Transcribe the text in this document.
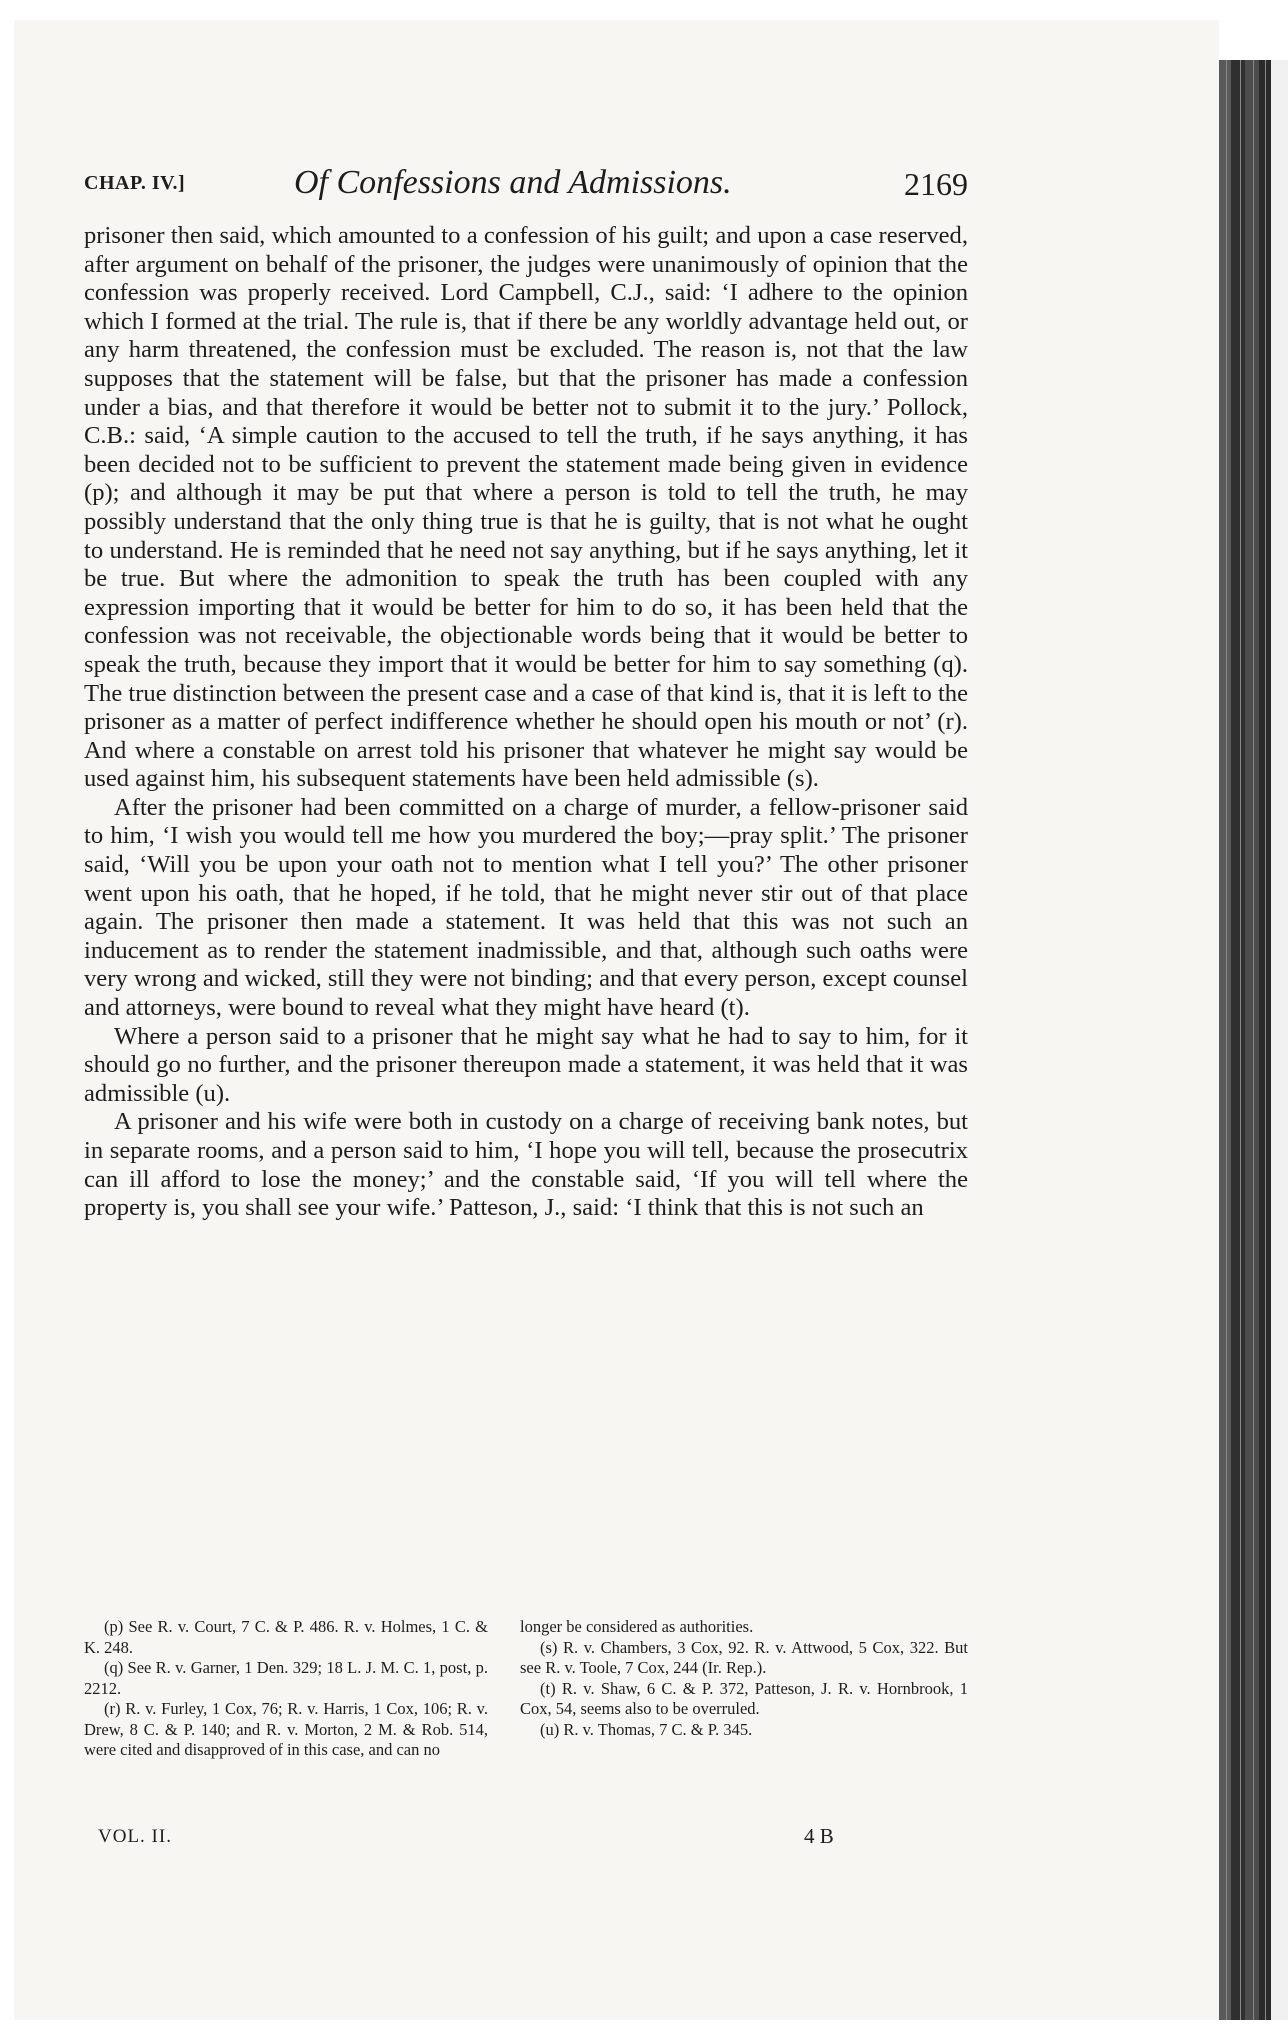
CHAP. IV.]	Of Confessions and Admissions.	2169

prisoner then said, which amounted to a confession of his guilt; and upon a case reserved, after argument on behalf of the prisoner, the judges were unanimously of opinion that the confession was properly received. Lord Campbell, C.J., said: ‘I adhere to the opinion which I formed at the trial. The rule is, that if there be any worldly advantage held out, or any harm threatened, the confession must be excluded. The reason is, not that the law supposes that the statement will be false, but that the prisoner has made a confession under a bias, and that therefore it would be better not to submit it to the jury.’ Pollock, C.B.: said, ‘A simple caution to the accused to tell the truth, if he says anything, it has been decided not to be sufficient to prevent the statement made being given in evidence (p); and although it may be put that where a person is told to tell the truth, he may possibly understand that the only thing true is that he is guilty, that is not what he ought to understand. He is reminded that he need not say anything, but if he says anything, let it be true. But where the admonition to speak the truth has been coupled with any expression importing that it would be better for him to do so, it has been held that the confession was not receivable, the objectionable words being that it would be better to speak the truth, because they import that it would be better for him to say something (q). The true distinction between the present case and a case of that kind is, that it is left to the prisoner as a matter of perfect indifference whether he should open his mouth or not’ (r). And where a constable on arrest told his prisoner that whatever he might say would be used against him, his subsequent statements have been held admissible (s).

After the prisoner had been committed on a charge of murder, a fellow-prisoner said to him, ‘I wish you would tell me how you murdered the boy;—pray split.’ The prisoner said, ‘Will you be upon your oath not to mention what I tell you?’ The other prisoner went upon his oath, that he hoped, if he told, that he might never stir out of that place again. The prisoner then made a statement. It was held that this was not such an inducement as to render the statement inadmissible, and that, although such oaths were very wrong and wicked, still they were not binding; and that every person, except counsel and attorneys, were bound to reveal what they might have heard (t).

Where a person said to a prisoner that he might say what he had to say to him, for it should go no further, and the prisoner thereupon made a statement, it was held that it was admissible (u).

A prisoner and his wife were both in custody on a charge of receiving bank notes, but in separate rooms, and a person said to him, ‘I hope you will tell, because the prosecutrix can ill afford to lose the money;’ and the constable said, ‘If you will tell where the property is, you shall see your wife.’ Patteson, J., said: ‘I think that this is not such an

(p) See R. v. Court, 7 C. & P. 486. R. v. Holmes, 1 C. & K. 248.

(q) See R. v. Garner, 1 Den. 329; 18 L. J. M. C. 1, post, p. 2212.

(r) R. v. Furley, 1 Cox, 76; R. v. Harris, 1 Cox, 106; R. v. Drew, 8 C. & P. 140; and R. v. Morton, 2 M. & Rob. 514, were cited and disapproved of in this case, and can no

longer be considered as authorities.

(s) R. v. Chambers, 3 Cox, 92. R. v. Attwood, 5 Cox, 322. But see R. v. Toole, 7 Cox, 244 (Ir. Rep.).

(t) R. v. Shaw, 6 C. & P. 372, Patteson, J. R. v. Hornbrook, 1 Cox, 54, seems also to be overruled.

(u) R. v. Thomas, 7 C. & P. 345.

VOL. II.	4 B
